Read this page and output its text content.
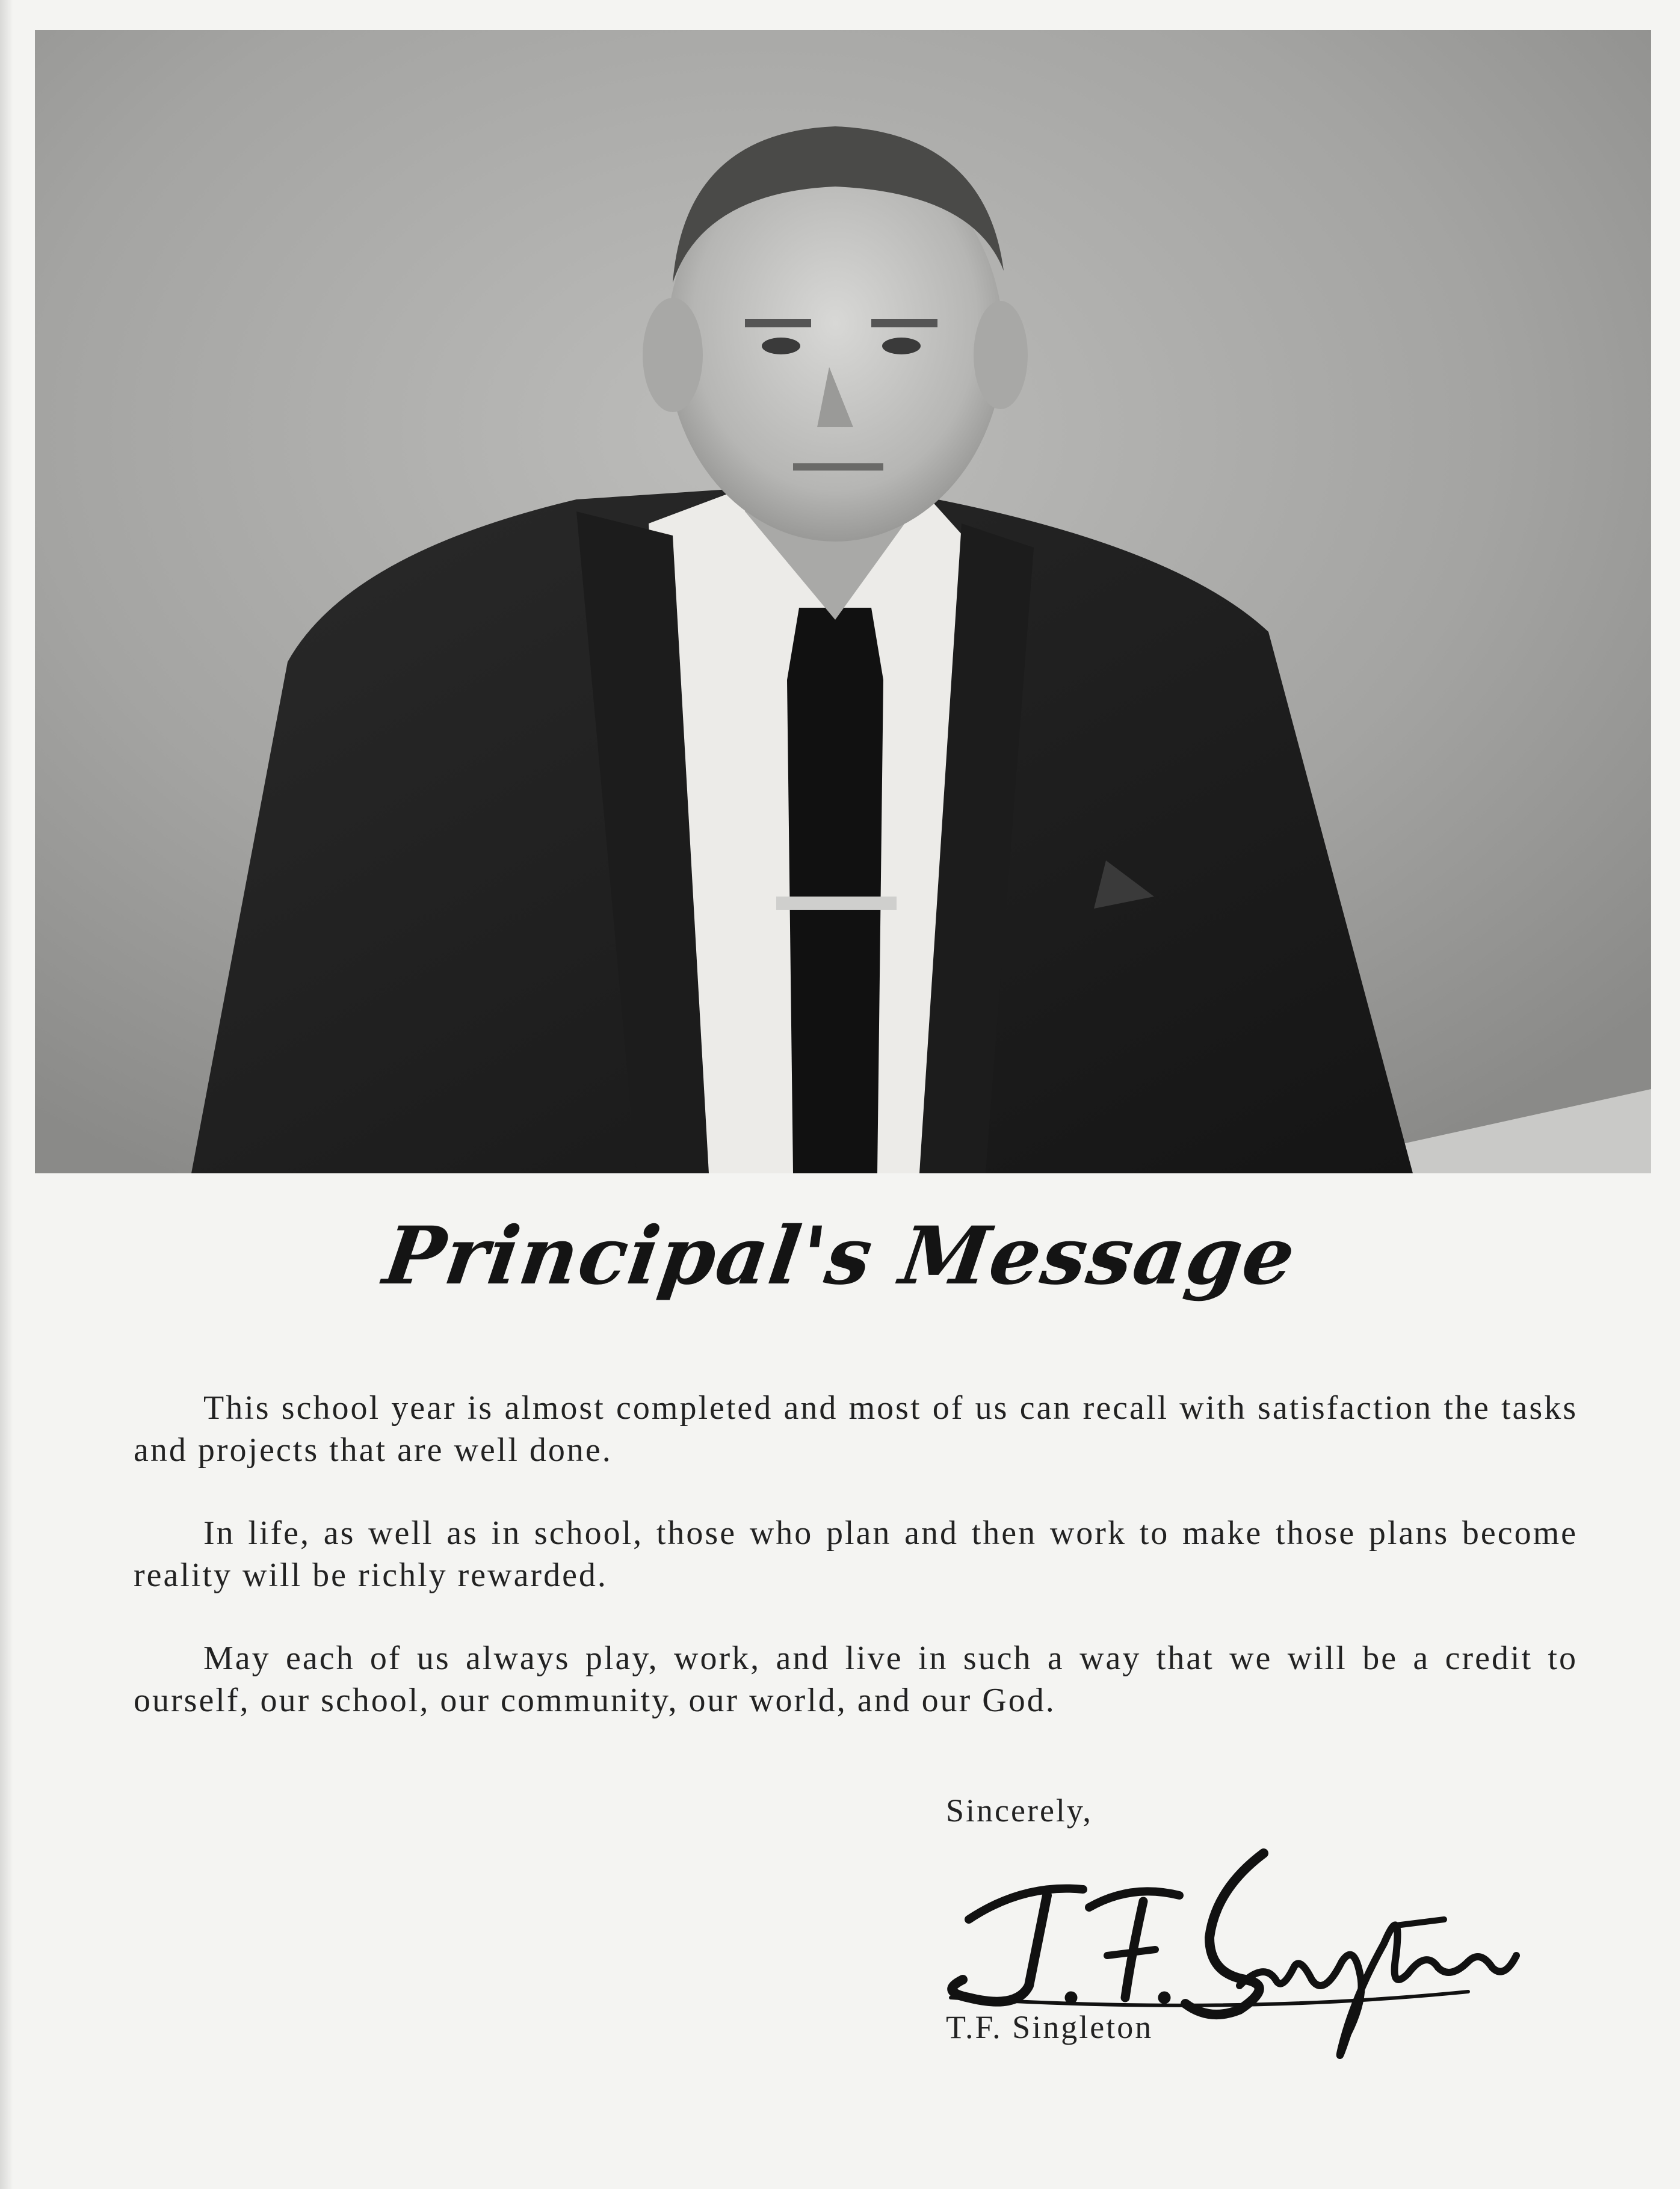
Principal's Message

This school year is almost completed and most of us can recall with satisfaction the tasks and projects that are well done.

In life, as well as in school, those who plan and then work to make those plans become reality will be richly rewarded.

May each of us always play, work, and live in such a way that we will be a credit to ourself, our school, our community, our world, and our God.

Sincerely,
T.F. Singleton
